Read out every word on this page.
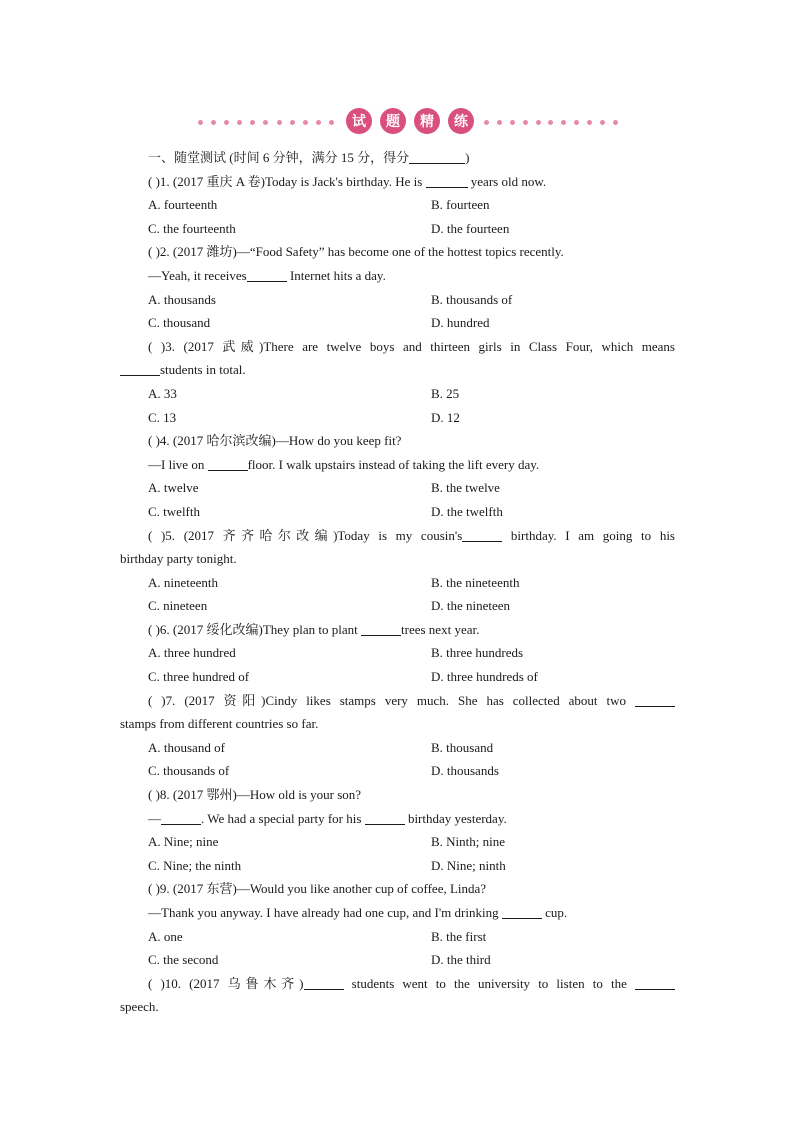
试	题	精	练
一、随堂测试 (时间 6 分钟，满分 15 分，得分	)
( )1. (2017 重庆 A 卷)Today is Jack's birthday. He is	years old now.
A. fourteenth	B. fourteen
C. the fourteenth	D. the fourteen
( )2. (2017 潍坊)—“Food Safety” has become one of the hottest topics recently.
—Yeah, it receives	Internet hits a day.
A. thousands	B. thousands of
C. thousand	D. hundred
( )3. (2017 武威)There are twelve boys and thirteen girls in Class Four, which means
students in total.
A. 33	B. 25
C. 13	D. 12
( )4. (2017 哈尔滨改编)—How do you keep fit?
—I live on	floor. I walk upstairs instead of taking the lift every day.
A. twelve	B. the twelve
C. twelfth	D. the twelfth
( )5. (2017 齐齐哈尔改编)Today is my cousin's	birthday. I am going to his
birthday party tonight.
A. nineteenth	B. the nineteenth
C. nineteen	D. the nineteen
( )6. (2017 绥化改编)They plan to plant	trees next year.
A. three hundred	B. three hundreds
C. three hundred of	D. three hundreds of
( )7. (2017 资阳)Cindy likes stamps very much. She has collected about two
stamps from different countries so far.
A. thousand of	B. thousand
C. thousands of	D. thousands
( )8. (2017 鄂州)—How old is your son?
—	. We had a special party for his	birthday yesterday.
A. Nine; nine	B. Ninth; nine
C. Nine; the ninth	D. Nine; ninth
( )9. (2017 东营)—Would you like another cup of coffee, Linda?
—Thank you anyway. I have already had one cup, and I'm drinking	cup.
A. one	B. the first
C. the second	D. the third
( )10. (2017 乌鲁木齐)	students went to the university to listen to the
speech.
